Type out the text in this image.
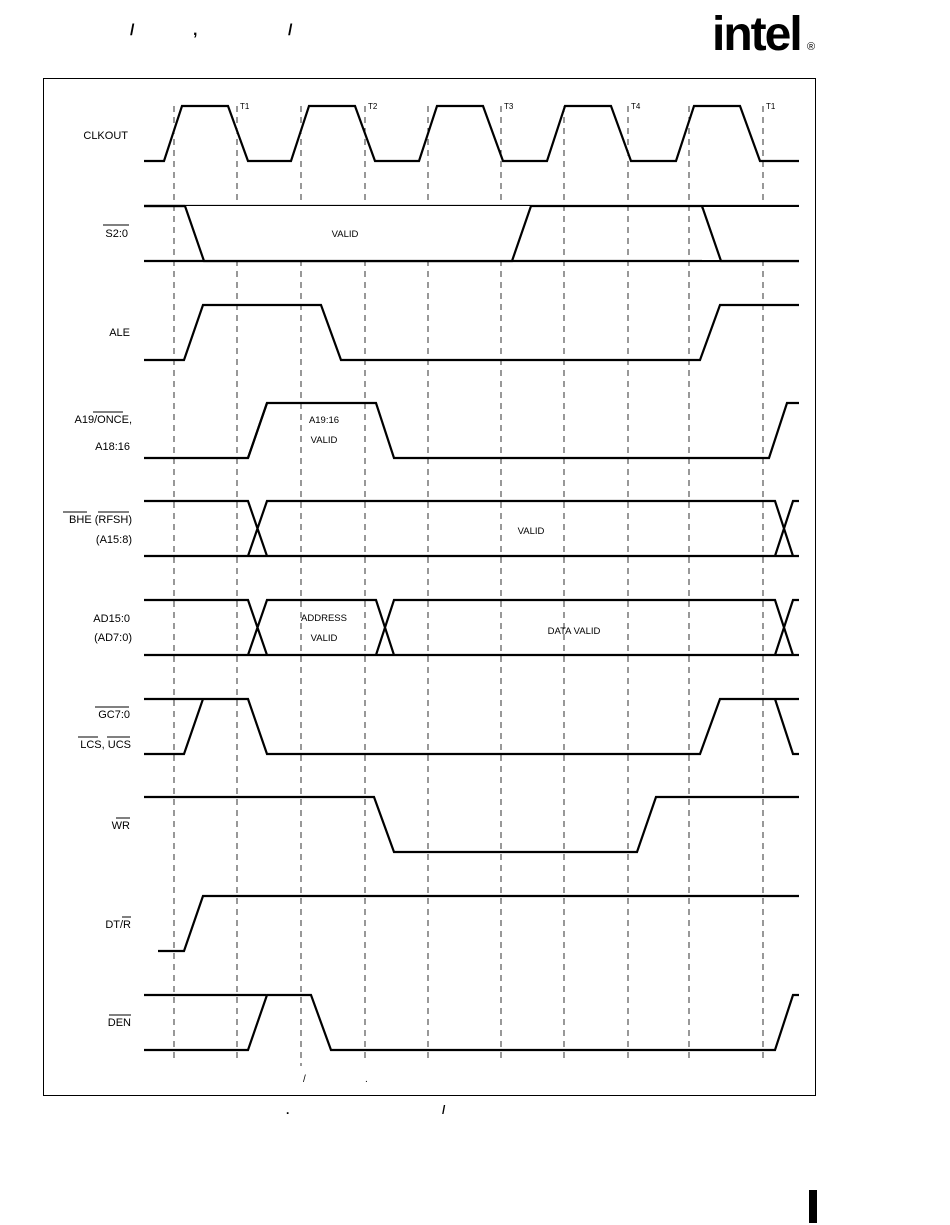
/	,	/	intel ®
T1	T2	T3	T4	T1
CLKOUT
S2:0	VALID
ALE
A19/ONCE,
A18:16
A19:16
VALID
BHE (RFSH)
(A15:8)
VALID
AD15:0
(AD7:0)
ADDRESS
VALID
DATA VALID
GC7:0
LCS, UCS
WR
DT/R
DEN
/	.
.	/
